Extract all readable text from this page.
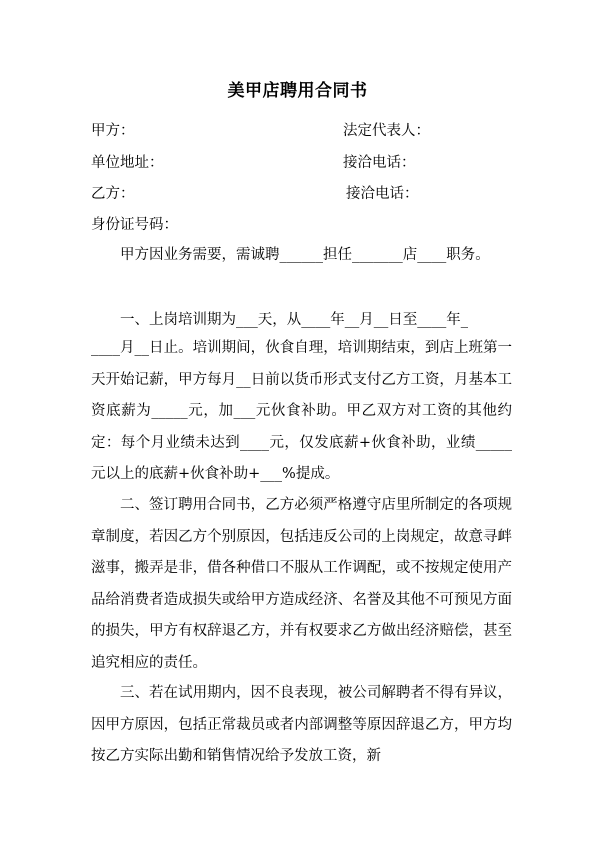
美甲店聘用合同书
甲方：	法定代表人：
单位地址：	接洽电话：
乙方：	接洽电话：
身份证号码：
甲方因业务需要，需诚聘______担任_______店____职务。
一、上岗培训期为___天，从____年__月__日至____年_
____月__日止。培训期间，伙食自理，培训期结束，到店上班第一天开始记薪，甲方每月__日前以货币形式支付乙方工资，月基本工资底薪为_____元，加___元伙食补助。甲乙双方对工资的其他约定：每个月业绩未达到____元，仅发底薪+伙食补助，业绩_____元以上的底薪+伙食补助+___%提成。
二、签订聘用合同书，乙方必须严格遵守店里所制定的各项规章制度，若因乙方个别原因，包括违反公司的上岗规定，故意寻衅滋事，搬弄是非，借各种借口不服从工作调配，或不按规定使用产品给消费者造成损失或给甲方造成经济、名誉及其他不可预见方面的损失，甲方有权辞退乙方，并有权要求乙方做出经济赔偿，甚至追究相应的责任。
三、若在试用期内，因不良表现，被公司解聘者不得有异议，因甲方原因，包括正常裁员或者内部调整等原因辞退乙方，甲方均按乙方实际出勤和销售情况给予发放工资，新
